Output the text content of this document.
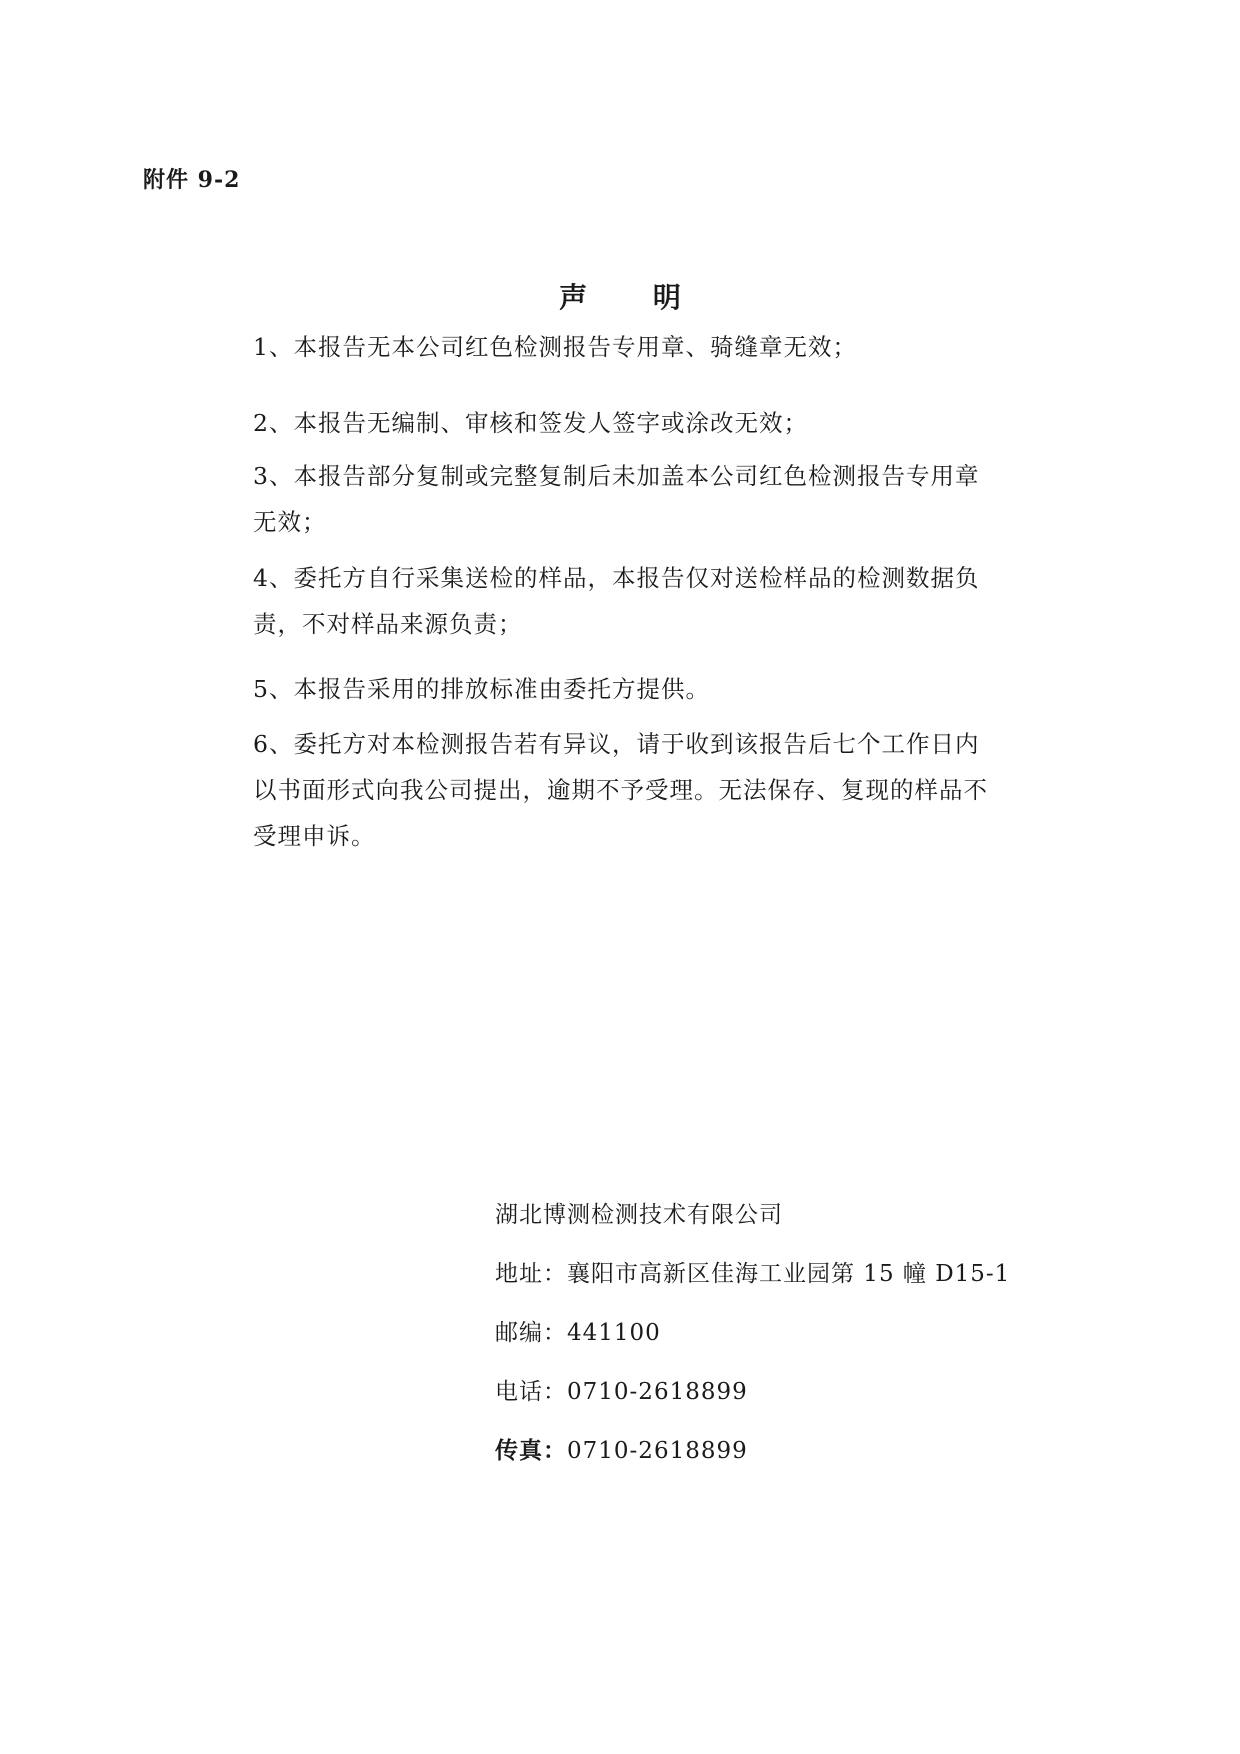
附件 9-2
声 明
1、本报告无本公司红色检测报告专用章、骑缝章无效；
2、本报告无编制、审核和签发人签字或涂改无效；
3、本报告部分复制或完整复制后未加盖本公司红色检测报告专用章无效；
4、委托方自行采集送检的样品，本报告仅对送检样品的检测数据负责，不对样品来源负责；
5、本报告采用的排放标准由委托方提供。
6、委托方对本检测报告若有异议，请于收到该报告后七个工作日内以书面形式向我公司提出，逾期不予受理。无法保存、复现的样品不受理申诉。
湖北博测检测技术有限公司
地址：襄阳市高新区佳海工业园第 15 幢 D15-1
邮编：441100
电话：0710-2618899
传真：0710-2618899
